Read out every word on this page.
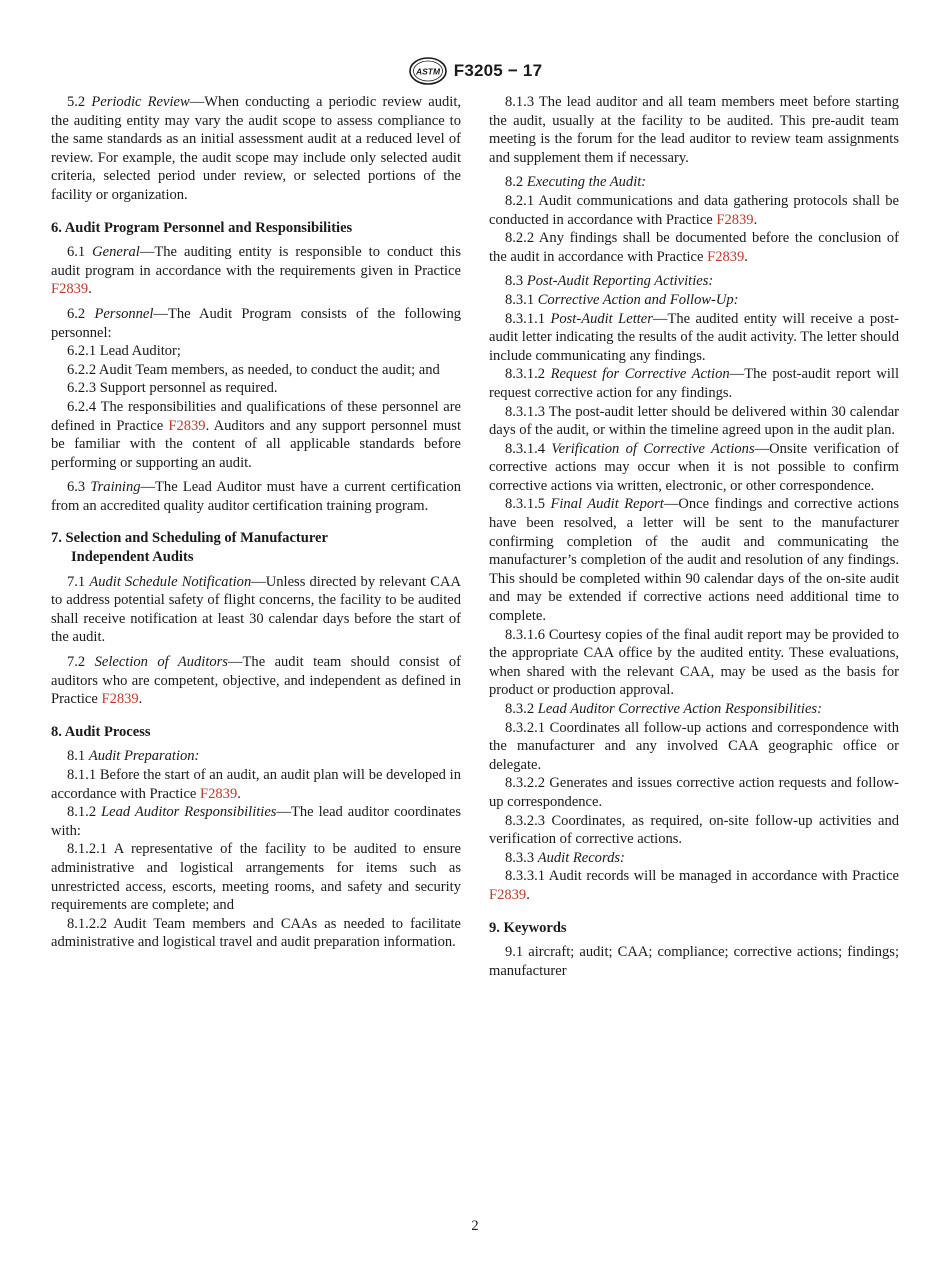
ASTM F3205 − 17

5.2 Periodic Review—When conducting a periodic review audit, the auditing entity may vary the audit scope to assess compliance to the same standards as an initial assessment audit at a reduced level of review. For example, the audit scope may include only selected audit criteria, selected period under review, or selected portions of the facility or organization.

6. Audit Program Personnel and Responsibilities

6.1 General—The auditing entity is responsible to conduct this audit program in accordance with the requirements given in Practice F2839.

6.2 Personnel—The Audit Program consists of the following personnel:

6.2.1 Lead Auditor;

6.2.2 Audit Team members, as needed, to conduct the audit; and

6.2.3 Support personnel as required.

6.2.4 The responsibilities and qualifications of these personnel are defined in Practice F2839. Auditors and any support personnel must be familiar with the content of all applicable standards before performing or supporting an audit.

6.3 Training—The Lead Auditor must have a current certification from an accredited quality auditor certification training program.

7. Selection and Scheduling of Manufacturer
Independent Audits

7.1 Audit Schedule Notification—Unless directed by relevant CAA to address potential safety of flight concerns, the facility to be audited shall receive notification at least 30 calendar days before the start of the audit.

7.2 Selection of Auditors—The audit team should consist of auditors who are competent, objective, and independent as defined in Practice F2839.

8. Audit Process

8.1 Audit Preparation:

8.1.1 Before the start of an audit, an audit plan will be developed in accordance with Practice F2839.

8.1.2 Lead Auditor Responsibilities—The lead auditor coordinates with:

8.1.2.1 A representative of the facility to be audited to ensure administrative and logistical arrangements for items such as unrestricted access, escorts, meeting rooms, and safety and security requirements are complete; and

8.1.2.2 Audit Team members and CAAs as needed to facilitate administrative and logistical travel and audit preparation information.

8.1.3 The lead auditor and all team members meet before starting the audit, usually at the facility to be audited. This pre-audit team meeting is the forum for the lead auditor to review team assignments and supplement them if necessary.

8.2 Executing the Audit:

8.2.1 Audit communications and data gathering protocols shall be conducted in accordance with Practice F2839.

8.2.2 Any findings shall be documented before the conclusion of the audit in accordance with Practice F2839.

8.3 Post-Audit Reporting Activities:

8.3.1 Corrective Action and Follow-Up:

8.3.1.1 Post-Audit Letter—The audited entity will receive a post-audit letter indicating the results of the audit activity. The letter should include communicating any findings.

8.3.1.2 Request for Corrective Action—The post-audit report will request corrective action for any findings.

8.3.1.3 The post-audit letter should be delivered within 30 calendar days of the audit, or within the timeline agreed upon in the audit plan.

8.3.1.4 Verification of Corrective Actions—Onsite verification of corrective actions may occur when it is not possible to confirm corrective actions via written, electronic, or other correspondence.

8.3.1.5 Final Audit Report—Once findings and corrective actions have been resolved, a letter will be sent to the manufacturer confirming completion of the audit and communicating the manufacturer’s completion of the audit and resolution of any findings. This should be completed within 90 calendar days of the on-site audit and may be extended if corrective actions need additional time to complete.

8.3.1.6 Courtesy copies of the final audit report may be provided to the appropriate CAA office by the audited entity. These evaluations, when shared with the relevant CAA, may be used as the basis for product or production approval.

8.3.2 Lead Auditor Corrective Action Responsibilities:

8.3.2.1 Coordinates all follow-up actions and correspondence with the manufacturer and any involved CAA geographic office or delegate.

8.3.2.2 Generates and issues corrective action requests and follow-up correspondence.

8.3.2.3 Coordinates, as required, on-site follow-up activities and verification of corrective actions.

8.3.3 Audit Records:

8.3.3.1 Audit records will be managed in accordance with Practice F2839.

9. Keywords

9.1 aircraft; audit; CAA; compliance; corrective actions; findings; manufacturer

2
